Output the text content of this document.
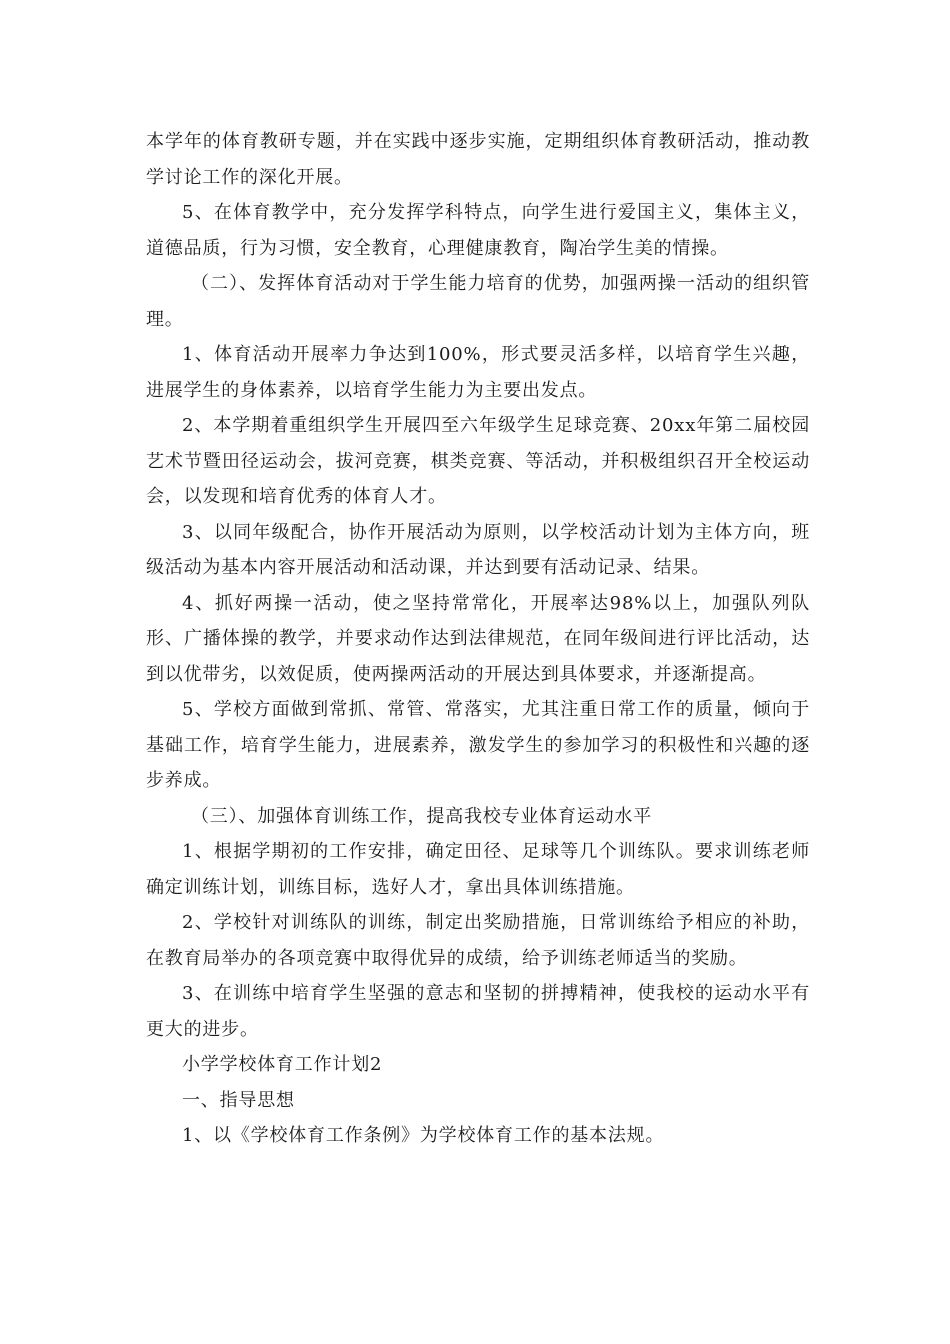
本学年的体育教研专题，并在实践中逐步实施，定期组织体育教研活动，推动教学讨论工作的深化开展。

5、在体育教学中，充分发挥学科特点，向学生进行爱国主义，集体主义，道德品质，行为习惯，安全教育，心理健康教育，陶冶学生美的情操。

（二）、发挥体育活动对于学生能力培育的优势，加强两操一活动的组织管理。

1、体育活动开展率力争达到100%，形式要灵活多样，以培育学生兴趣，进展学生的身体素养，以培育学生能力为主要出发点。

2、本学期着重组织学生开展四至六年级学生足球竞赛、20xx年第二届校园艺术节暨田径运动会，拔河竞赛，棋类竞赛、等活动，并积极组织召开全校运动会，以发现和培育优秀的体育人才。

3、以同年级配合，协作开展活动为原则，以学校活动计划为主体方向，班级活动为基本内容开展活动和活动课，并达到要有活动记录、结果。

4、抓好两操一活动，使之坚持常常化，开展率达98%以上，加强队列队形、广播体操的教学，并要求动作达到法律规范，在同年级间进行评比活动，达到以优带劣，以效促质，使两操两活动的开展达到具体要求，并逐渐提高。

5、学校方面做到常抓、常管、常落实，尤其注重日常工作的质量，倾向于基础工作，培育学生能力，进展素养，激发学生的参加学习的积极性和兴趣的逐步养成。

（三）、加强体育训练工作，提高我校专业体育运动水平

1、根据学期初的工作安排，确定田径、足球等几个训练队。要求训练老师确定训练计划，训练目标，选好人才，拿出具体训练措施。

2、学校针对训练队的训练，制定出奖励措施，日常训练给予相应的补助，在教育局举办的各项竞赛中取得优异的成绩，给予训练老师适当的奖励。

3、在训练中培育学生坚强的意志和坚韧的拼搏精神，使我校的运动水平有更大的进步。

小学学校体育工作计划2

一、指导思想

1、以《学校体育工作条例》为学校体育工作的基本法规。
